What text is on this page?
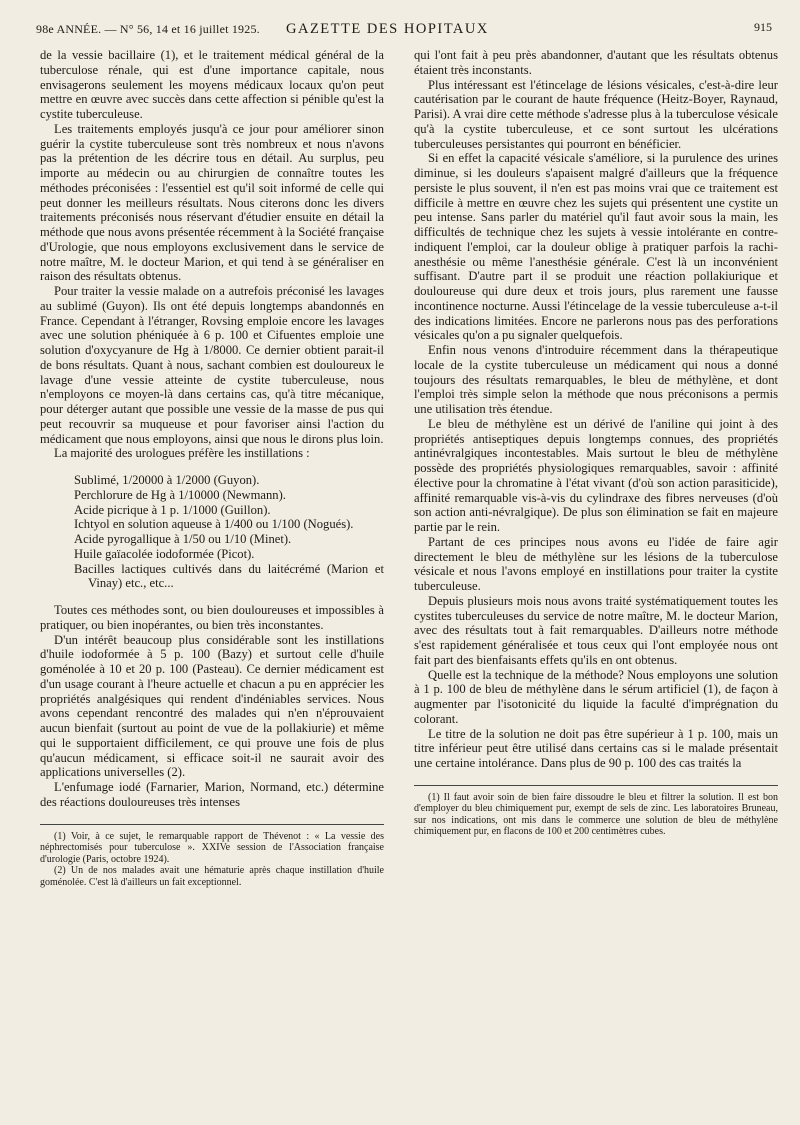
98e ANNÉE. — N° 56, 14 et 16 juillet 1925. GAZETTE DES HOPITAUX	915

de la vessie bacillaire (1), et le traitement médical général de la tuberculose rénale, qui est d'une importance capitale, nous envisagerons seulement les moyens médicaux locaux qu'on peut mettre en œuvre avec succès dans cette affection si pénible qu'est la cystite tuberculeuse.

Les traitements employés jusqu'à ce jour pour améliorer sinon guérir la cystite tuberculeuse sont très nombreux et nous n'avons pas la prétention de les décrire tous en détail. Au surplus, peu importe au médecin ou au chirurgien de connaître toutes les méthodes préconisées : l'essentiel est qu'il soit informé de celle qui peut donner les meilleurs résultats. Nous citerons donc les divers traitements préconisés nous réservant d'étudier ensuite en détail la méthode que nous avons présentée récemment à la Société française d'Urologie, que nous employons exclusivement dans le service de notre maître, M. le docteur Marion, et qui tend à se généraliser en raison des résultats obtenus.

Pour traiter la vessie malade on a autrefois préconisé les lavages au sublimé (Guyon). Ils ont été depuis longtemps abandonnés en France. Cependant à l'étranger, Rovsing emploie encore les lavages avec une solution phéniquée à 6 p. 100 et Cifuentes emploie une solution d'oxycyanure de Hg à 1/8000. Ce dernier obtient parait-il de bons résultats. Quant à nous, sachant combien est douloureux le lavage d'une vessie atteinte de cystite tuberculeuse, nous n'employons ce moyen-là dans certains cas, qu'à titre mécanique, pour déterger autant que possible une vessie de la masse de pus qui peut recouvrir sa muqueuse et pour favoriser ainsi l'action du médicament que nous employons, ainsi que nous le dirons plus loin.

La majorité des urologues préfère les instillations :

Sublimé, 1/20000 à 1/2000 (Guyon).
Perchlorure de Hg à 1/10000 (Newmann).
Acide picrique à 1 p. 1/1000 (Guillon).
Ichtyol en solution aqueuse à 1/400 ou 1/100 (Nogués).
Acide pyrogallique à 1/50 ou 1/10 (Minet).
Huile gaïacolée iodoformée (Picot).
Bacilles lactiques cultivés dans du laitécrémé (Marion et Vinay) etc., etc...

Toutes ces méthodes sont, ou bien douloureuses et impossibles à pratiquer, ou bien inopérantes, ou bien très inconstantes.

D'un intérêt beaucoup plus considérable sont les instillations d'huile iodoformée à 5 p. 100 (Bazy) et surtout celle d'huile goménolée à 10 et 20 p. 100 (Pasteau). Ce dernier médicament est d'un usage courant à l'heure actuelle et chacun a pu en apprécier les propriétés analgésiques qui rendent d'indéniables services. Nous avons cependant rencontré des malades qui n'en n'éprouvaient aucun bienfait (surtout au point de vue de la pollakiurie) et même qui le supportaient difficilement, ce qui prouve une fois de plus qu'aucun médicament, si efficace soit-il ne saurait avoir des applications universelles (2).

L'enfumage iodé (Farnarier, Marion, Normand, etc.) détermine des réactions douloureuses très intenses

(1) Voir, à ce sujet, le remarquable rapport de Thévenot : « La vessie des néphrectomisés pour tuberculose ». XXIVe session de l'Association française d'urologie (Paris, octobre 1924).

(2) Un de nos malades avait une hématurie après chaque instillation d'huile goménolée. C'est là d'ailleurs un fait exceptionnel.

qui l'ont fait à peu près abandonner, d'autant que les résultats obtenus étaient très inconstants.

Plus intéressant est l'étincelage de lésions vésicales, c'est-à-dire leur cautérisation par le courant de haute fréquence (Heitz-Boyer, Raynaud, Parisi). A vrai dire cette méthode s'adresse plus à la tuberculose vésicale qu'à la cystite tuberculeuse, et ce sont surtout les ulcérations tuberculeuses persistantes qui pourront en bénéficier.

Si en effet la capacité vésicale s'améliore, si la purulence des urines diminue, si les douleurs s'apaisent malgré d'ailleurs que la fréquence persiste le plus souvent, il n'en est pas moins vrai que ce traitement est difficile à mettre en œuvre chez les sujets qui présentent une cystite un peu intense. Sans parler du matériel qu'il faut avoir sous la main, les difficultés de technique chez les sujets à vessie intolérante en contre-indiquent l'emploi, car la douleur oblige à pratiquer parfois la rachi-anesthésie ou même l'anesthésie générale. C'est là un inconvénient suffisant. D'autre part il se produit une réaction pollakiurique et douloureuse qui dure deux et trois jours, plus rarement une fausse incontinence nocturne. Aussi l'étincelage de la vessie tuberculeuse a-t-il des indications limitées. Encore ne parlerons nous pas des perforations vésicales qu'on a pu signaler quelquefois.

Enfin nous venons d'introduire récemment dans la thérapeutique locale de la cystite tuberculeuse un médicament qui nous a donné toujours des résultats remarquables, le bleu de méthylène, et dont l'emploi très simple selon la méthode que nous préconisons a permis une utilisation très étendue.

Le bleu de méthylène est un dérivé de l'aniline qui joint à des propriétés antiseptiques depuis longtemps connues, des propriétés antinévralgiques incontestables. Mais surtout le bleu de méthylène possède des propriétés physiologiques remarquables, savoir : affinité élective pour la chromatine à l'état vivant (d'où son action parasiticide), affinité remarquable vis-à-vis du cylindraxe des fibres nerveuses (d'où son action anti-névralgique). De plus son élimination se fait en majeure partie par le rein.

Partant de ces principes nous avons eu l'idée de faire agir directement le bleu de méthylène sur les lésions de la tuberculose vésicale et nous l'avons employé en instillations pour traiter la cystite tuberculeuse.

Depuis plusieurs mois nous avons traité systématiquement toutes les cystites tuberculeuses du service de notre maître, M. le docteur Marion, avec des résultats tout à fait remarquables. D'ailleurs notre méthode s'est rapidement généralisée et tous ceux qui l'ont employée nous ont fait part des bienfaisants effets qu'ils en ont obtenus.

Quelle est la technique de la méthode? Nous employons une solution à 1 p. 100 de bleu de méthylène dans le sérum artificiel (1), de façon à augmenter par l'isotonicité du liquide la faculté d'imprégnation du colorant.

Le titre de la solution ne doit pas être supérieur à 1 p. 100, mais un titre inférieur peut être utilisé dans certains cas si le malade présentait une certaine intolérance. Dans plus de 90 p. 100 des cas traités la

(1) Il faut avoir soin de bien faire dissoudre le bleu et filtrer la solution. Il est bon d'employer du bleu chimiquement pur, exempt de sels de zinc. Les laboratoires Bruneau, sur nos indications, ont mis dans le commerce une solution de bleu de méthylène chimiquement pur, en flacons de 100 et 200 centimètres cubes.
